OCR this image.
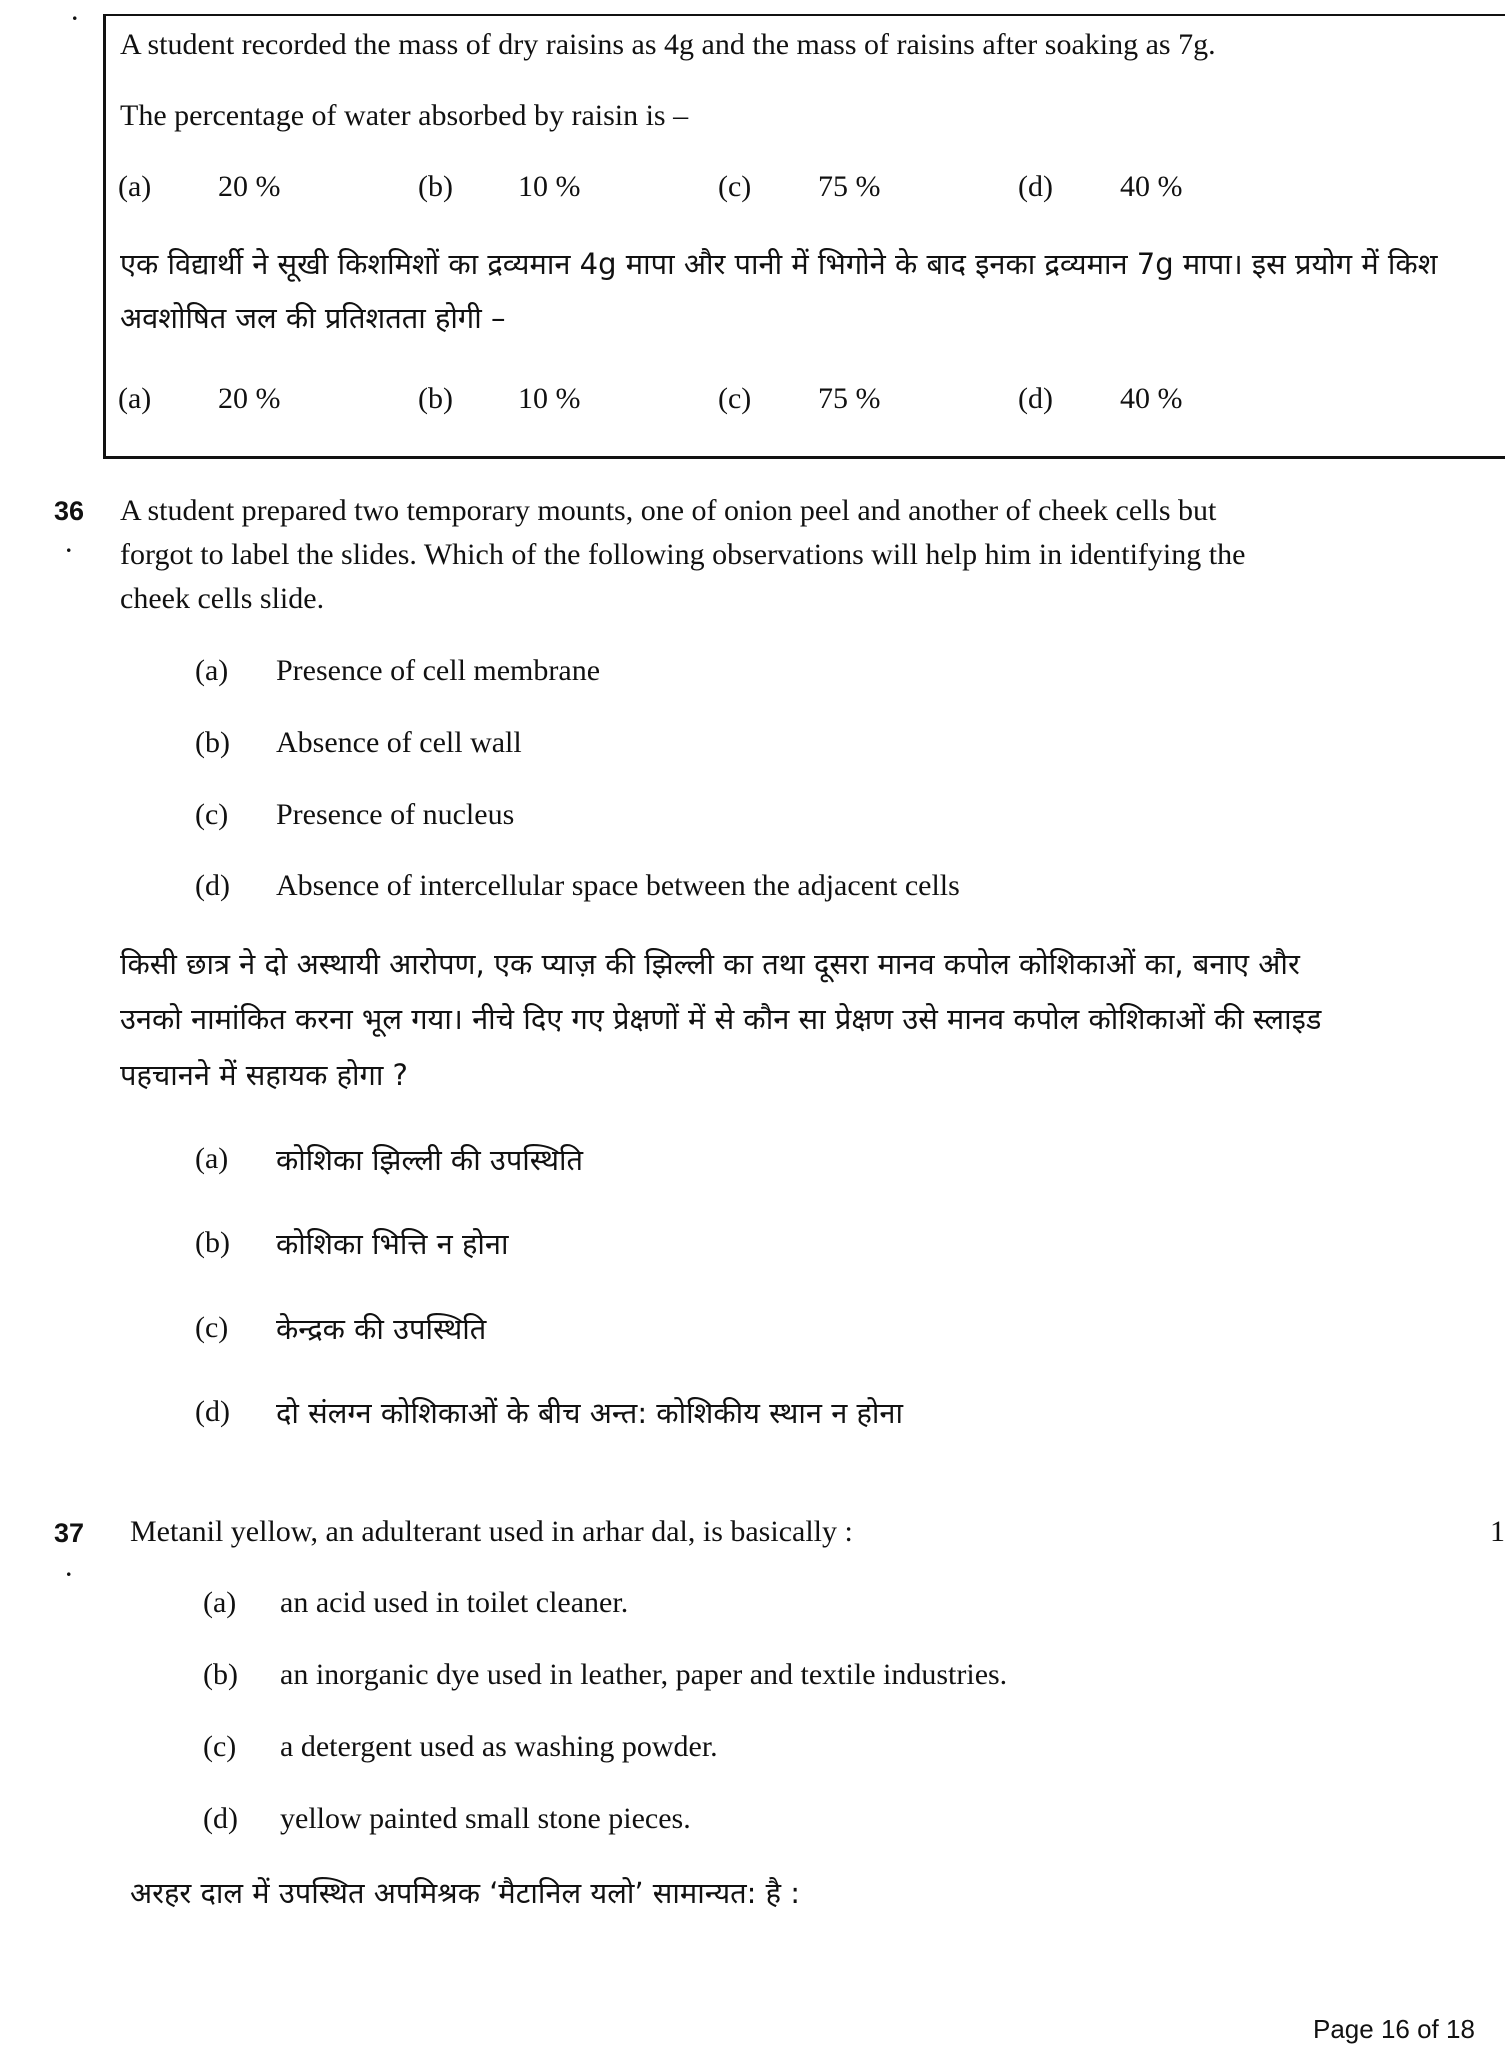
.
A student recorded the mass of dry raisins as 4g and the mass of raisins after soaking as 7g.
The percentage of water absorbed by raisin is –
(a) 20 %	(b) 10 %	(c) 75 %	(d) 40 %
एक विद्यार्थी ने सूखी किशमिशों का द्रव्यमान 4g मापा और पानी में भिगोने के बाद इनका द्रव्यमान 7g मापा। इस प्रयोग में किश
अवशोषित जल की प्रतिशतता होगी –
(a) 20 %	(b) 10 %	(c) 75 %	(d) 40 %
36
.
A student prepared two temporary mounts, one of onion peel and another of cheek cells but
forgot to label the slides. Which of the following observations will help him in identifying the
cheek cells slide.
(a) Presence of cell membrane
(b) Absence of cell wall
(c) Presence of nucleus
(d) Absence of intercellular space between the adjacent cells
किसी छात्र ने दो अस्थायी आरोपण, एक प्याज़ की झिल्ली का तथा दूसरा मानव कपोल कोशिकाओं का, बनाए और
उनको नामांकित करना भूल गया। नीचे दिए गए प्रेक्षणों में से कौन सा प्रेक्षण उसे मानव कपोल कोशिकाओं की स्लाइड
पहचानने में सहायक होगा ?
(a) कोशिका झिल्ली की उपस्थिति
(b) कोशिका भित्ति न होना
(c) केन्द्रक की उपस्थिति
(d) दो संलग्न कोशिकाओं के बीच अन्त: कोशिकीय स्थान न होना
37
.
Metanil yellow, an adulterant used in arhar dal, is basically :	1
(a) an acid used in toilet cleaner.
(b) an inorganic dye used in leather, paper and textile industries.
(c) a detergent used as washing powder.
(d) yellow painted small stone pieces.
अरहर दाल में उपस्थित अपमिश्रक ‘मैटानिल यलो’ सामान्यत: है :
Page 16 of 18
